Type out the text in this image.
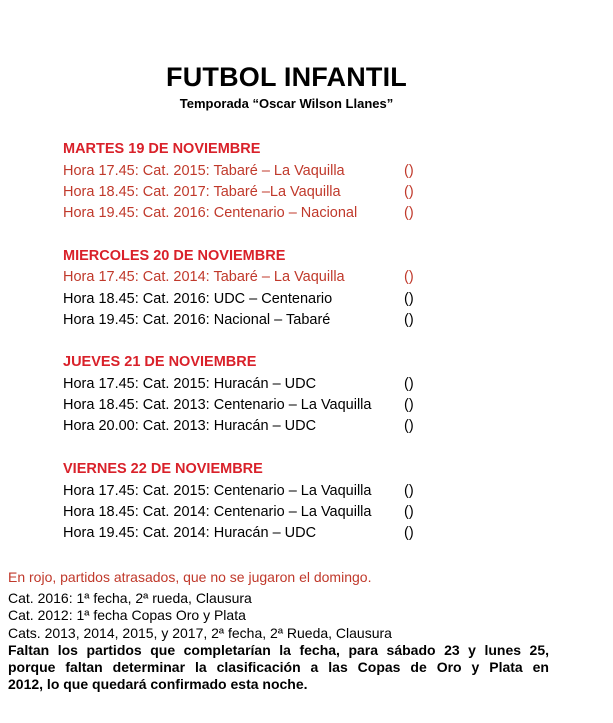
FUTBOL INFANTIL
Temporada “Oscar Wilson Llanes”
MARTES 19 DE NOVIEMBRE
Hora 17.45: Cat. 2015: Tabaré – La Vaquilla	()
Hora 18.45: Cat. 2017: Tabaré –La Vaquilla	()
Hora 19.45: Cat. 2016: Centenario – Nacional	()
MIERCOLES 20 DE NOVIEMBRE
Hora 17.45: Cat. 2014: Tabaré – La Vaquilla	()
Hora 18.45: Cat. 2016: UDC – Centenario	()
Hora 19.45: Cat. 2016: Nacional – Tabaré	()
JUEVES 21 DE NOVIEMBRE
Hora 17.45: Cat. 2015: Huracán – UDC	()
Hora 18.45: Cat. 2013: Centenario – La Vaquilla ()
Hora 20.00: Cat. 2013: Huracán – UDC	()
VIERNES 22 DE NOVIEMBRE
Hora 17.45: Cat. 2015: Centenario – La Vaquilla ()
Hora 18.45: Cat. 2014: Centenario – La Vaquilla ()
Hora 19.45: Cat. 2014: Huracán – UDC	()
En rojo, partidos atrasados, que no se jugaron el domingo.
Cat. 2016: 1ª fecha, 2ª rueda, Clausura
Cat. 2012: 1ª fecha Copas Oro y Plata
Cats. 2013, 2014, 2015, y 2017, 2ª fecha, 2ª Rueda, Clausura
Faltan los partidos que completarían la fecha, para sábado 23 y lunes 25,
porque faltan determinar la clasificación a las Copas de Oro y Plata en
2012, lo que quedará confirmado esta noche.
